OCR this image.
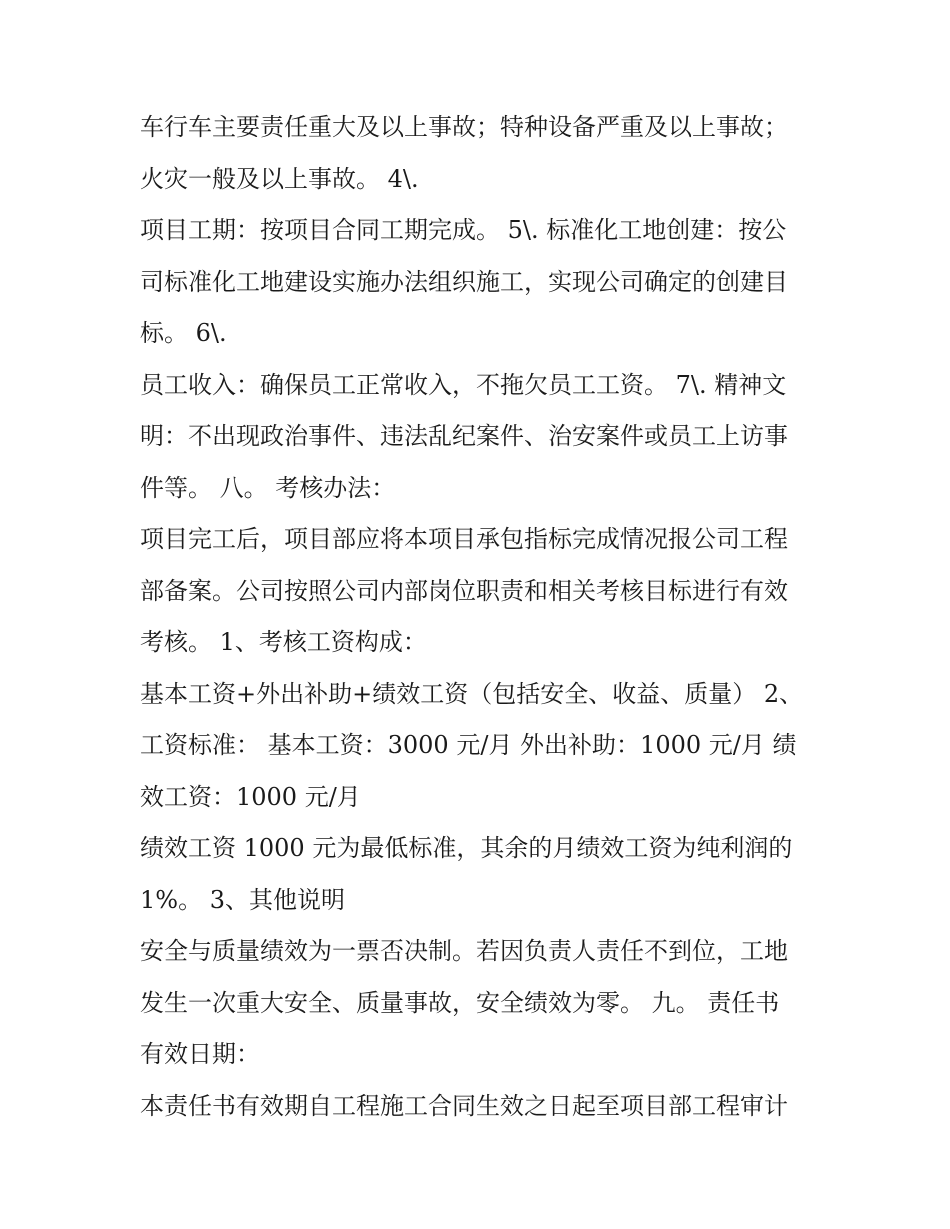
车行车主要责任重大及以上事故；特种设备严重及以上事故；
火灾一般及以上事故。 4\.
项目工期：按项目合同工期完成。 5\. 标准化工地创建：按公
司标准化工地建设实施办法组织施工，实现公司确定的创建目
标。 6\.
员工收入：确保员工正常收入，不拖欠员工工资。 7\. 精神文
明：不出现政治事件、违法乱纪案件、治安案件或员工上访事
件等。 八。 考核办法：
项目完工后，项目部应将本项目承包指标完成情况报公司工程
部备案。公司按照公司内部岗位职责和相关考核目标进行有效
考核。 1、考核工资构成：
基本工资+外出补助+绩效工资（包括安全、收益、质量） 2、
工资标准： 基本工资：3000 元/月 外出补助：1000 元/月 绩
效工资：1000 元/月
绩效工资 1000 元为最低标准，其余的月绩效工资为纯利润的
1%。 3、其他说明
安全与质量绩效为一票否决制。若因负责人责任不到位，工地
发生一次重大安全、质量事故，安全绩效为零。 九。 责任书
有效日期：
本责任书有效期自工程施工合同生效之日起至项目部工程审计
